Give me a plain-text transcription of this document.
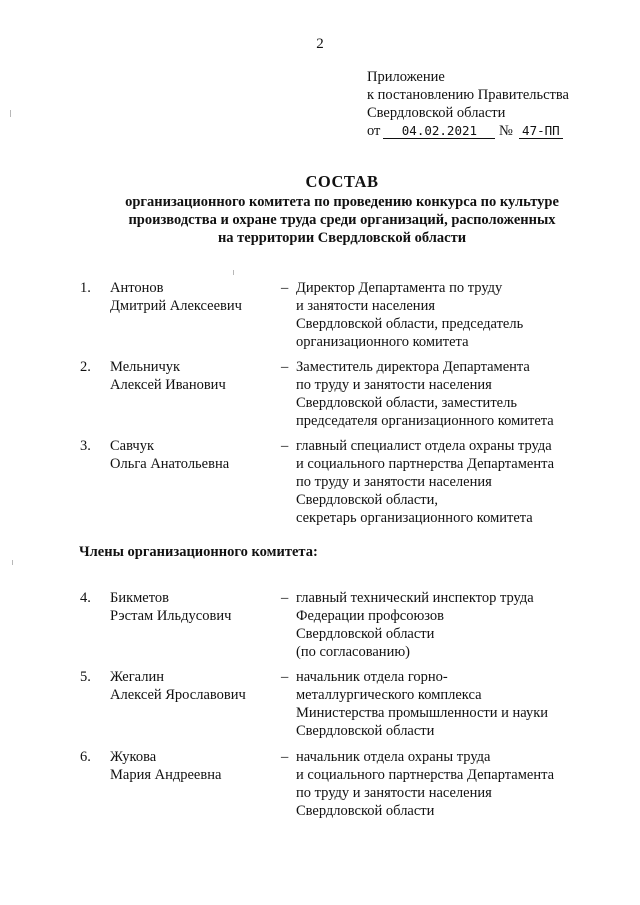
2
Приложение
к постановлению Правительства
Свердловской области
от 04.02.2021 № 47-ПП
СОСТАВ
организационного комитета по проведению конкурса по культуре
производства и охране труда среди организаций, расположенных
на территории Свердловской области
1. Антонов
Дмитрий Алексеевич
– Директор Департамента по труду
и занятости населения
Свердловской области, председатель
организационного комитета
2. Мельничук
Алексей Иванович
– Заместитель директора Департамента
по труду и занятости населения
Свердловской области, заместитель
председателя организационного комитета
3. Савчук
Ольга Анатольевна
– главный специалист отдела охраны труда
и социального партнерства Департамента
по труду и занятости населения
Свердловской области,
секретарь организационного комитета
Члены организационного комитета:
4. Бикметов
Рэстам Ильдусович
– главный технический инспектор труда
Федерации профсоюзов
Свердловской области
(по согласованию)
5. Жегалин
Алексей Ярославович
– начальник отдела горно-
металлургического комплекса
Министерства промышленности и науки
Свердловской области
6. Жукова
Мария Андреевна
– начальник отдела охраны труда
и социального партнерства Департамента
по труду и занятости населения
Свердловской области
